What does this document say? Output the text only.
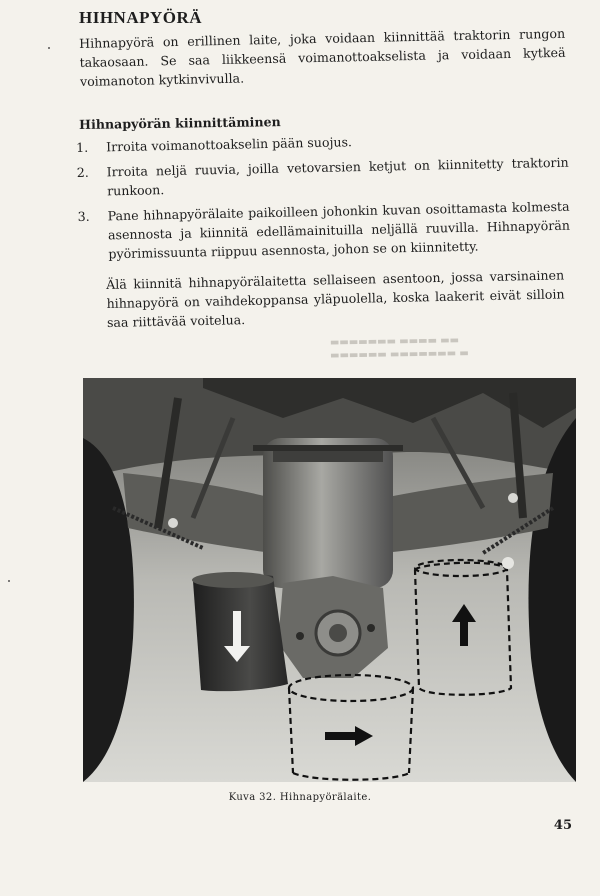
HIHNAPYÖRÄ

Hihnapyörä on erillinen laite, joka voidaan kiinnittää traktorin rungon takaosaan. Se saa liikkeensä voimanottoakselista ja voidaan kytkeä voimanoton kytkinvivulla.

Hihnapyörän kiinnittäminen
1. Irroita voimanottoakselin pään suojus.
2. Irroita neljä ruuvia, joilla vetovarsien ketjut on kiinnitetty traktorin runkoon.
3. Pane hihnapyörälaite paikoilleen johonkin kuvan osoittamasta kolmesta asennosta ja kiinnitä edellämainituilla neljällä ruuvilla. Hihnapyörän pyörimissuunta riippuu asennosta, johon se on kiinnitetty.

Älä kiinnitä hihnapyörälaitetta sellaiseen asentoon, jossa varsinainen hihnapyörä on vaihdekoppansa yläpuolella, koska laakerit eivät silloin saa riittävää voitelua.

▬▬▬▬▬▬▬ ▬▬▬▬ ▬▬
▬▬▬▬▬▬ ▬▬▬▬▬▬▬ ▬
Kuva 32. Hihnapyörälaite.
45
